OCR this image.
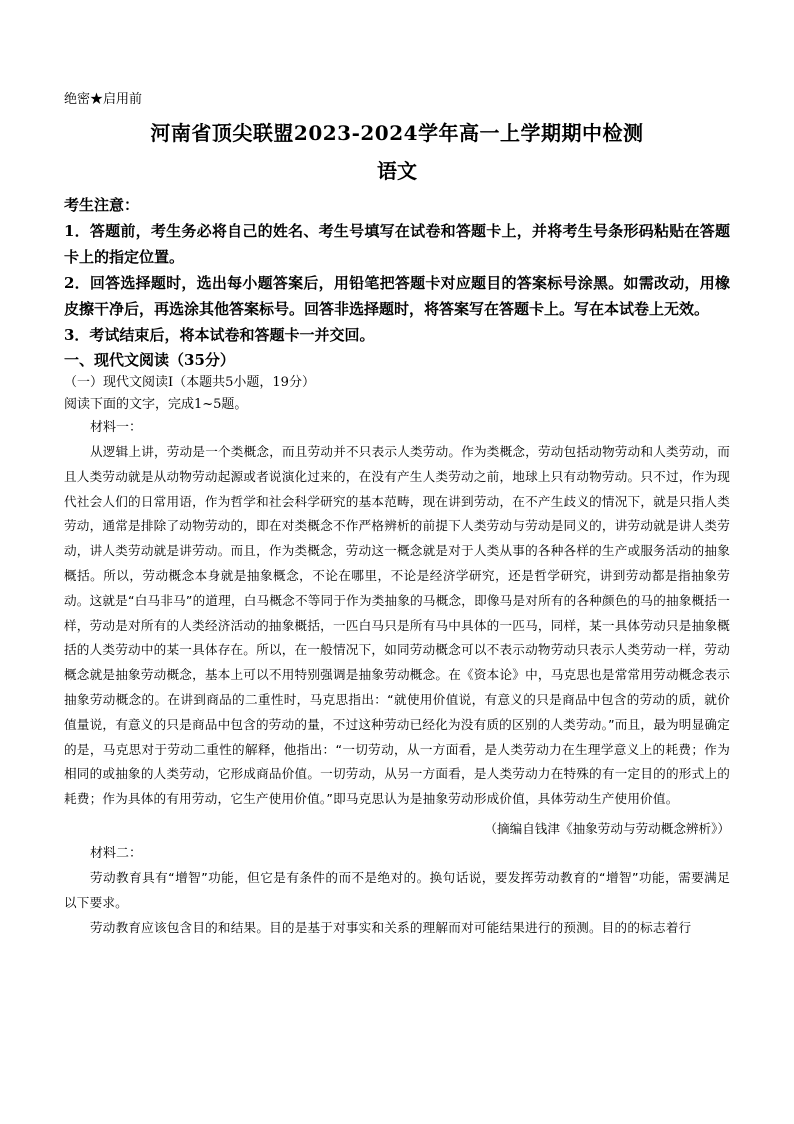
绝密★启用前

河南省顶尖联盟2023-2024学年高一上学期期中检测
语文

考生注意：

1．答题前，考生务必将自己的姓名、考生号填写在试卷和答题卡上，并将考生号条形码粘贴在答题卡上的指定位置。

2．回答选择题时，选出每小题答案后，用铅笔把答题卡对应题目的答案标号涂黑。如需改动，用橡皮擦干净后，再选涂其他答案标号。回答非选择题时，将答案写在答题卡上。写在本试卷上无效。

3．考试结束后，将本试卷和答题卡一并交回。

一、现代文阅读（35分）

（一）现代文阅读Ⅰ（本题共5小题，19分）

阅读下面的文字，完成1~5题。

材料一：

从逻辑上讲，劳动是一个类概念，而且劳动并不只表示人类劳动。作为类概念，劳动包括动物劳动和人类劳动，而且人类劳动就是从动物劳动起源或者说演化过来的，在没有产生人类劳动之前，地球上只有动物劳动。只不过，作为现代社会人们的日常用语，作为哲学和社会科学研究的基本范畴，现在讲到劳动，在不产生歧义的情况下，就是只指人类劳动，通常是排除了动物劳动的，即在对类概念不作严格辨析的前提下人类劳动与劳动是同义的，讲劳动就是讲人类劳动，讲人类劳动就是讲劳动。而且，作为类概念，劳动这一概念就是对于人类从事的各种各样的生产或服务活动的抽象概括。所以，劳动概念本身就是抽象概念，不论在哪里，不论是经济学研究，还是哲学研究，讲到劳动都是指抽象劳动。这就是“白马非马”的道理，白马概念不等同于作为类抽象的马概念，即像马是对所有的各种颜色的马的抽象概括一样，劳动是对所有的人类经济活动的抽象概括，一匹白马只是所有马中具体的一匹马，同样，某一具体劳动只是抽象概括的人类劳动中的某一具体存在。所以，在一般情况下，如同劳动概念可以不表示动物劳动只表示人类劳动一样，劳动概念就是抽象劳动概念，基本上可以不用特别强调是抽象劳动概念。在《资本论》中，马克思也是常常用劳动概念表示抽象劳动概念的。在讲到商品的二重性时，马克思指出：“就使用价值说，有意义的只是商品中包含的劳动的质，就价值量说，有意义的只是商品中包含的劳动的量，不过这种劳动已经化为没有质的区别的人类劳动。”而且，最为明显确定的是，马克思对于劳动二重性的解释，他指出：“一切劳动，从一方面看，是人类劳动力在生理学意义上的耗费；作为相同的或抽象的人类劳动，它形成商品价值。一切劳动，从另一方面看，是人类劳动力在特殊的有一定目的的形式上的耗费；作为具体的有用劳动，它生产使用价值。”即马克思认为是抽象劳动形成价值，具体劳动生产使用价值。

（摘编自钱津《抽象劳动与劳动概念辨析》）

材料二：

劳动教育具有“增智”功能，但它是有条件的而不是绝对的。换句话说，要发挥劳动教育的“增智”功能，需要满足以下要求。

劳动教育应该包含目的和结果。目的是基于对事实和关系的理解而对可能结果进行的预测。目的的标志着行
